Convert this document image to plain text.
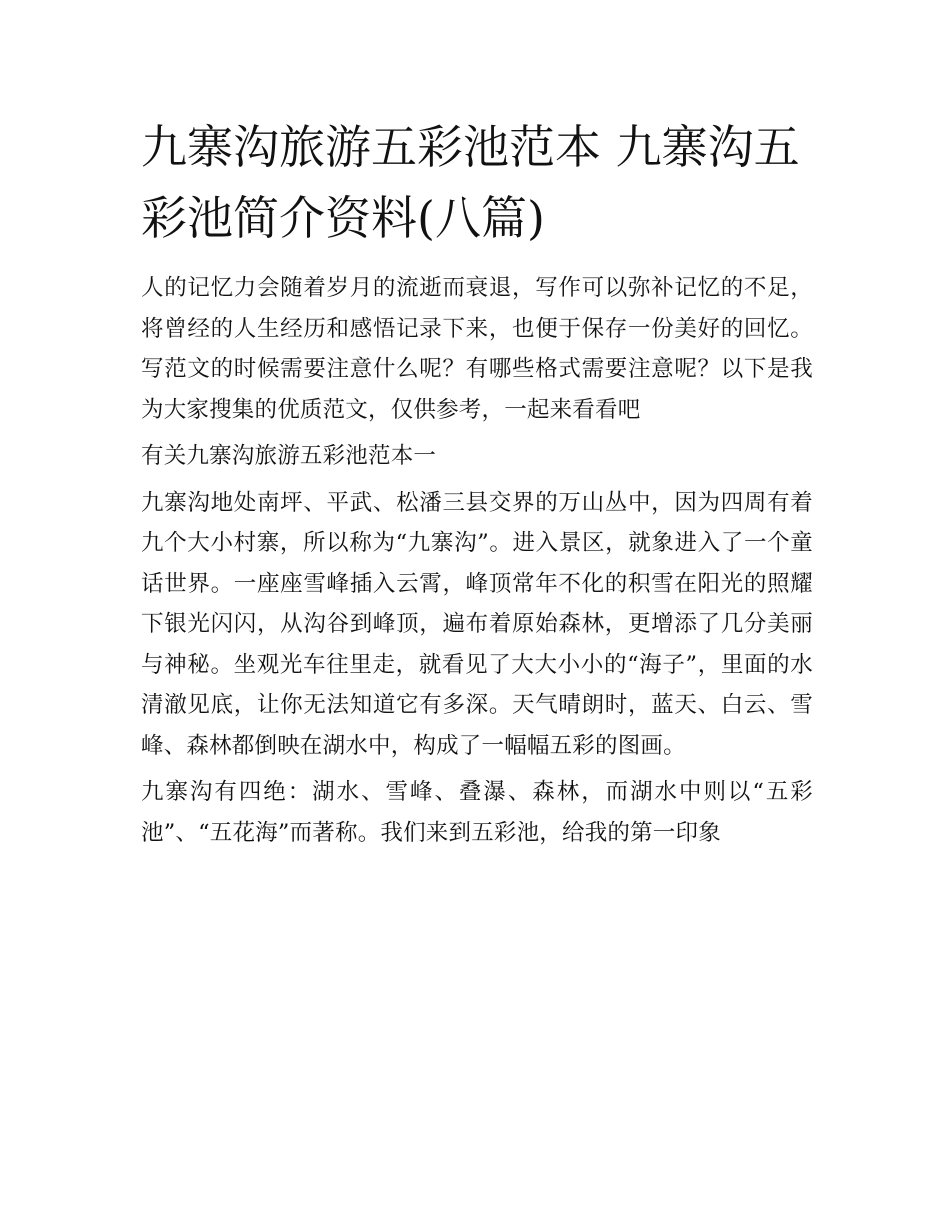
九寨沟旅游五彩池范本 九寨沟五彩池简介资料(八篇)

人的记忆力会随着岁月的流逝而衰退，写作可以弥补记忆的不足，将曾经的人生经历和感悟记录下来，也便于保存一份美好的回忆。写范文的时候需要注意什么呢？有哪些格式需要注意呢？以下是我为大家搜集的优质范文，仅供参考，一起来看看吧

有关九寨沟旅游五彩池范本一

九寨沟地处南坪、平武、松潘三县交界的万山丛中，因为四周有着九个大小村寨，所以称为“九寨沟”。进入景区，就象进入了一个童话世界。一座座雪峰插入云霄，峰顶常年不化的积雪在阳光的照耀下银光闪闪，从沟谷到峰顶，遍布着原始森林，更增添了几分美丽与神秘。坐观光车往里走，就看见了大大小小的“海子”，里面的水清澈见底，让你无法知道它有多深。天气晴朗时，蓝天、白云、雪峰、森林都倒映在湖水中，构成了一幅幅五彩的图画。

九寨沟有四绝：湖水、雪峰、叠瀑、森林，而湖水中则以“五彩池”、“五花海”而著称。我们来到五彩池，给我的第一印象
